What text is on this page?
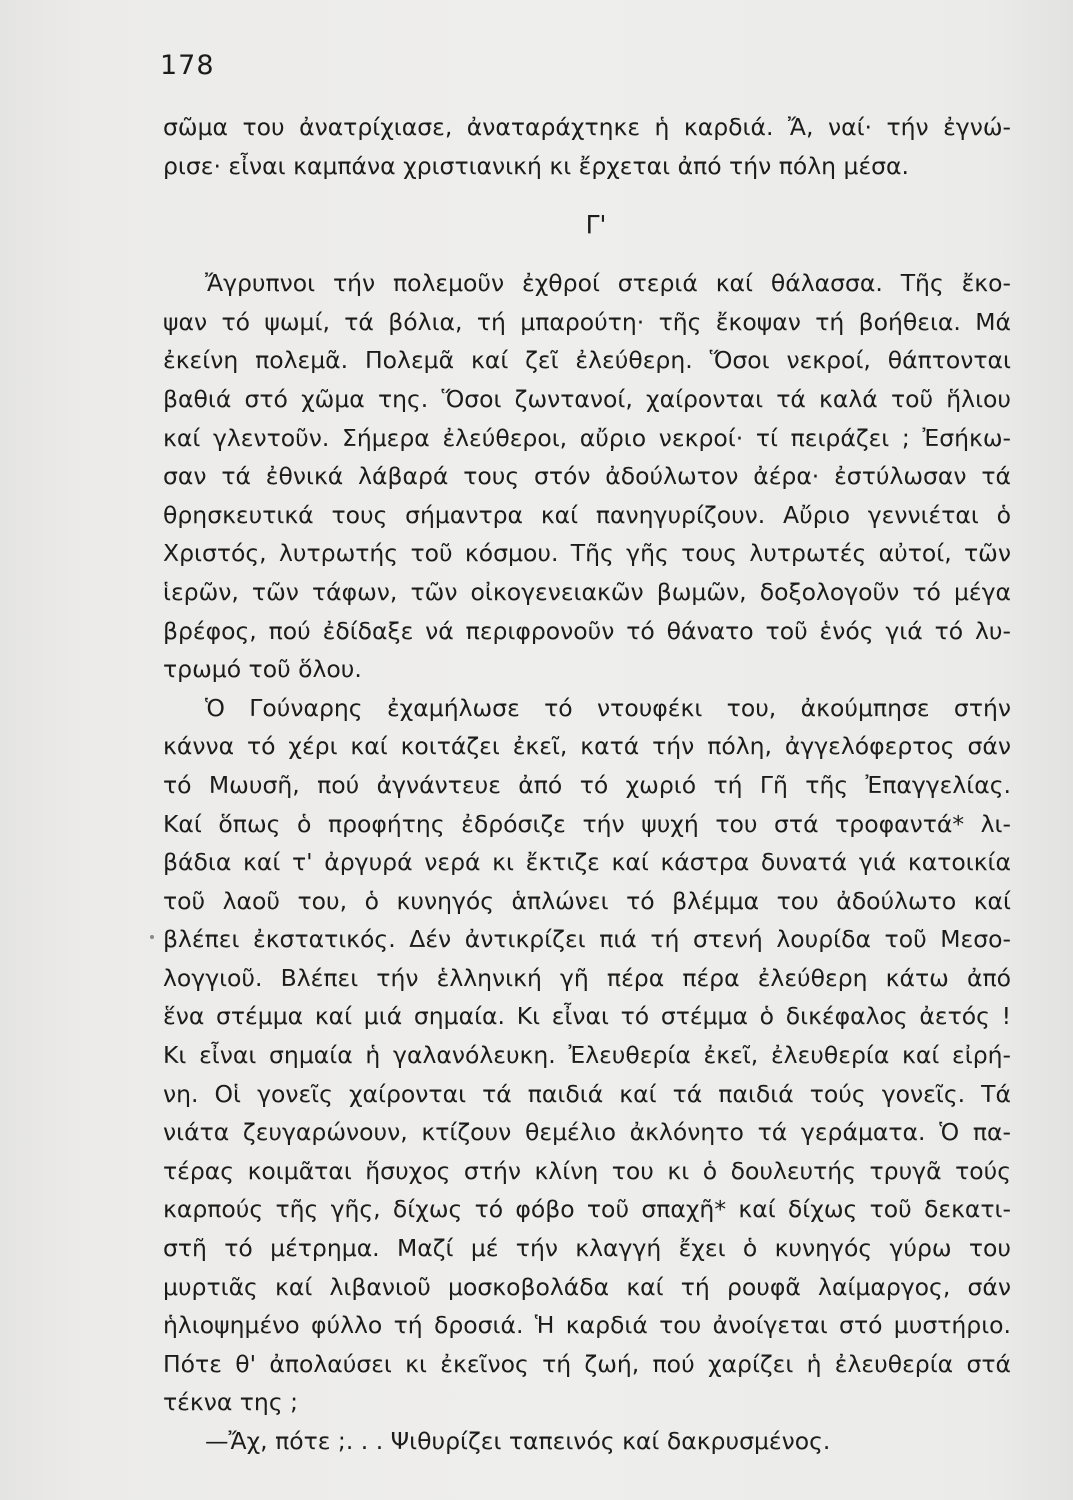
178
σῶμα του ἀνατρίχιασε, ἀναταράχτηκε ἡ καρδιά. Ἄ, ναί· τήν ἐγνώ-
ρισε· εἶναι καμπάνα χριστιανική κι ἔρχεται ἀπό τήν πόλη μέσα.
Γ'
Ἄγρυπνοι τήν πολεμοῦν ἐχθροί στεριά καί θάλασσα. Τῆς ἔκο-
ψαν τό ψωμί, τά βόλια, τή μπαρούτη· τῆς ἔκοψαν τή βοήθεια. Μά
ἐκείνη πολεμᾶ. Πολεμᾶ καί ζεῖ ἐλεύθερη. Ὅσοι νεκροί, θάπτονται
βαθιά στό χῶμα της. Ὅσοι ζωντανοί, χαίρονται τά καλά τοῦ ἥλιου
καί γλεντοῦν. Σήμερα ἐλεύθεροι, αὔριο νεκροί· τί πειράζει ; Ἐσήκω-
σαν τά ἐθνικά λάβαρά τους στόν ἀδούλωτον ἀέρα· ἐστύλωσαν τά
θρησκευτικά τους σήμαντρα καί πανηγυρίζουν. Αὔριο γεννιέται ὁ
Χριστός, λυτρωτής τοῦ κόσμου. Τῆς γῆς τους λυτρωτές αὐτοί, τῶν
ἱερῶν, τῶν τάφων, τῶν οἰκογενειακῶν βωμῶν, δοξολογοῦν τό μέγα
βρέφος, πού ἐδίδαξε νά περιφρονοῦν τό θάνατο τοῦ ἑνός γιά τό λυ-
τρωμό τοῦ ὅλου.
Ὁ Γούναρης ἐχαμήλωσε τό ντουφέκι του, ἀκούμπησε στήν
κάννα τό χέρι καί κοιτάζει ἐκεῖ, κατά τήν πόλη, ἀγγελόφερτος σάν
τό Μωυσῆ, πού ἀγνάντευε ἀπό τό χωριό τή Γῆ τῆς Ἐπαγγελίας.
Καί ὅπως ὁ προφήτης ἐδρόσιζε τήν ψυχή του στά τροφαντά* λι-
βάδια καί τ' ἀργυρά νερά κι ἔκτιζε καί κάστρα δυνατά γιά κατοικία
τοῦ λαοῦ του, ὁ κυνηγός ἁπλώνει τό βλέμμα του ἀδούλωτο καί
βλέπει ἐκστατικός. Δέν ἀντικρίζει πιά τή στενή λουρίδα τοῦ Μεσο-
λογγιοῦ. Βλέπει τήν ἑλληνική γῆ πέρα πέρα ἐλεύθερη κάτω ἀπό
ἕνα στέμμα καί μιά σημαία. Κι εἶναι τό στέμμα ὁ δικέφαλος ἀετός !
Κι εἶναι σημαία ἡ γαλανόλευκη. Ἐλευθερία ἐκεῖ, ἐλευθερία καί εἰρή-
νη. Οἱ γονεῖς χαίρονται τά παιδιά καί τά παιδιά τούς γονεῖς. Τά
νιάτα ζευγαρώνουν, κτίζουν θεμέλιο ἀκλόνητο τά γεράματα. Ὁ πα-
τέρας κοιμᾶται ἥσυχος στήν κλίνη του κι ὁ δουλευτής τρυγᾶ τούς
καρπούς τῆς γῆς, δίχως τό φόβο τοῦ σπαχῆ* καί δίχως τοῦ δεκατι-
στῆ τό μέτρημα. Μαζί μέ τήν κλαγγή ἔχει ὁ κυνηγός γύρω του
μυρτιᾶς καί λιβανιοῦ μοσκοβολάδα καί τή ρουφᾶ λαίμαργος, σάν
ἡλιοψημένο φύλλο τή δροσιά. Ἡ καρδιά του ἀνοίγεται στό μυστήριο.
Πότε θ' ἀπολαύσει κι ἐκεῖνος τή ζωή, πού χαρίζει ἡ ἐλευθερία στά
τέκνα της ;
—Ἄχ, πότε ;. . . Ψιθυρίζει ταπεινός καί δακρυσμένος.
